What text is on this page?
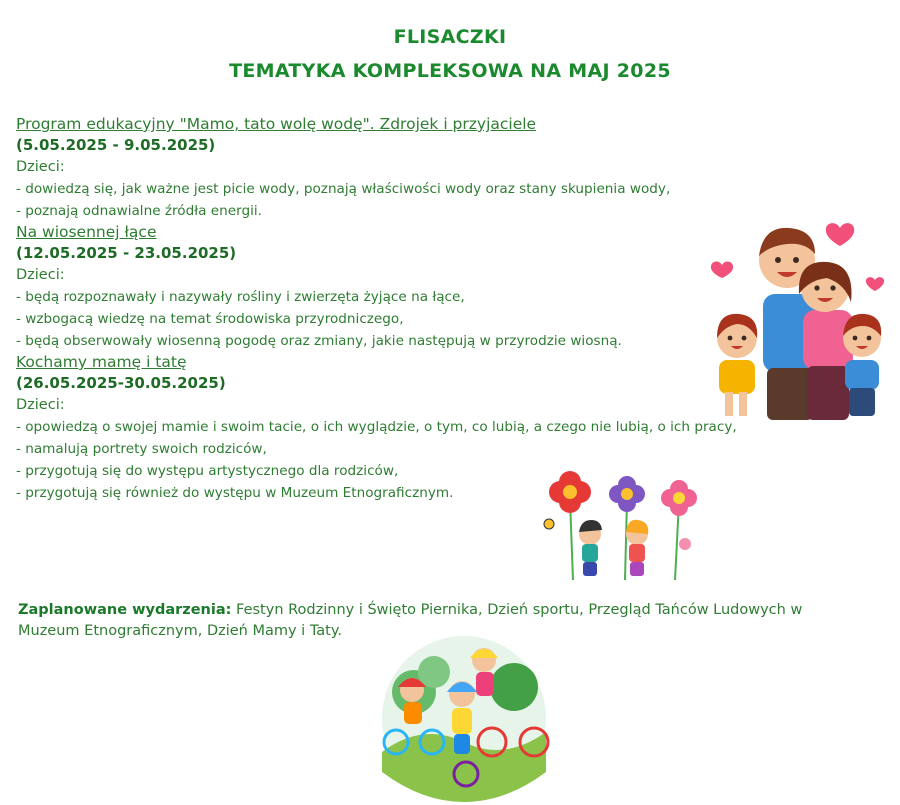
FLISACZKI
TEMATYKA KOMPLEKSOWA NA MAJ 2025
Program edukacyjny "Mamo, tato wolę wodę". Zdrojek i przyjaciele
(5.05.2025 - 9.05.2025)
Dzieci:
- dowiedzą się, jak ważne jest picie wody, poznają właściwości wody oraz stany skupienia wody,
- poznają odnawialne źródła energii.
Na wiosennej łące
(12.05.2025 - 23.05.2025)
Dzieci:
- będą rozpoznawały i nazywały rośliny i zwierzęta żyjące na łące,
- wzbogacą wiedzę na temat środowiska przyrodniczego,
- będą obserwowały wiosenną pogodę oraz zmiany, jakie następują w przyrodzie wiosną.
Kochamy mamę i tatę
(26.05.2025-30.05.2025)
Dzieci:
- opowiedzą o swojej mamie i swoim tacie, o ich wyglądzie, o tym, co lubią, a czego nie lubią, o ich pracy,
- namalują portrety swoich rodziców,
- przygotują się do występu artystycznego dla rodziców,
- przygotują się również do występu w Muzeum Etnograficznym.
Zaplanowane wydarzenia: Festyn Rodzinny i Święto Piernika, Dzień sportu, Przegląd Tańców Ludowych w Muzeum Etnograficznym, Dzień Mamy i Taty.
